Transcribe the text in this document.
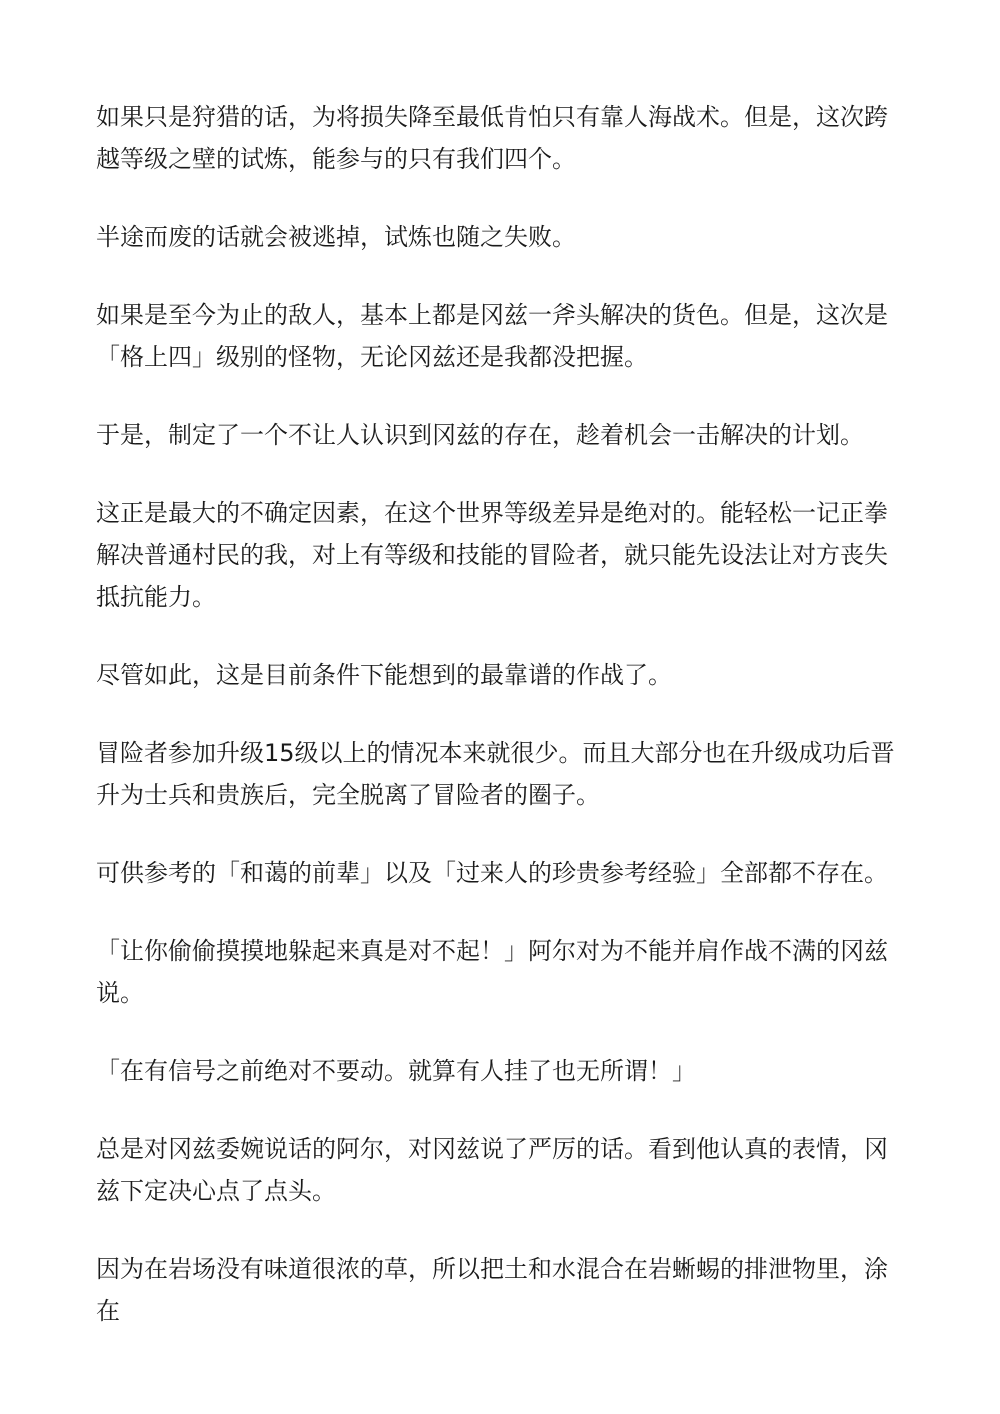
如果只是狩猎的话，为将损失降至最低肯怕只有靠人海战术。但是，这次跨越等级之壁的试炼，能参与的只有我们四个。

半途而废的话就会被逃掉，试炼也随之失败。

如果是至今为止的敌人，基本上都是冈兹一斧头解决的货色。但是，这次是「格上四」级别的怪物，无论冈兹还是我都没把握。

于是，制定了一个不让人认识到冈兹的存在，趁着机会一击解决的计划。

这正是最大的不确定因素，在这个世界等级差异是绝对的。能轻松一记正拳解决普通村民的我，对上有等级和技能的冒险者，就只能先设法让对方丧失抵抗能力。

尽管如此，这是目前条件下能想到的最靠谱的作战了。

冒险者参加升级15级以上的情况本来就很少。而且大部分也在升级成功后晋升为士兵和贵族后，完全脱离了冒险者的圈子。

可供参考的「和蔼的前辈」以及「过来人的珍贵参考经验」全部都不存在。

「让你偷偷摸摸地躲起来真是对不起！」阿尔对为不能并肩作战不满的冈兹说。

「在有信号之前绝对不要动。就算有人挂了也无所谓！」

总是对冈兹委婉说话的阿尔，对冈兹说了严厉的话。看到他认真的表情，冈兹下定决心点了点头。

因为在岩场没有味道很浓的草，所以把土和水混合在岩蜥蜴的排泄物里，涂在
